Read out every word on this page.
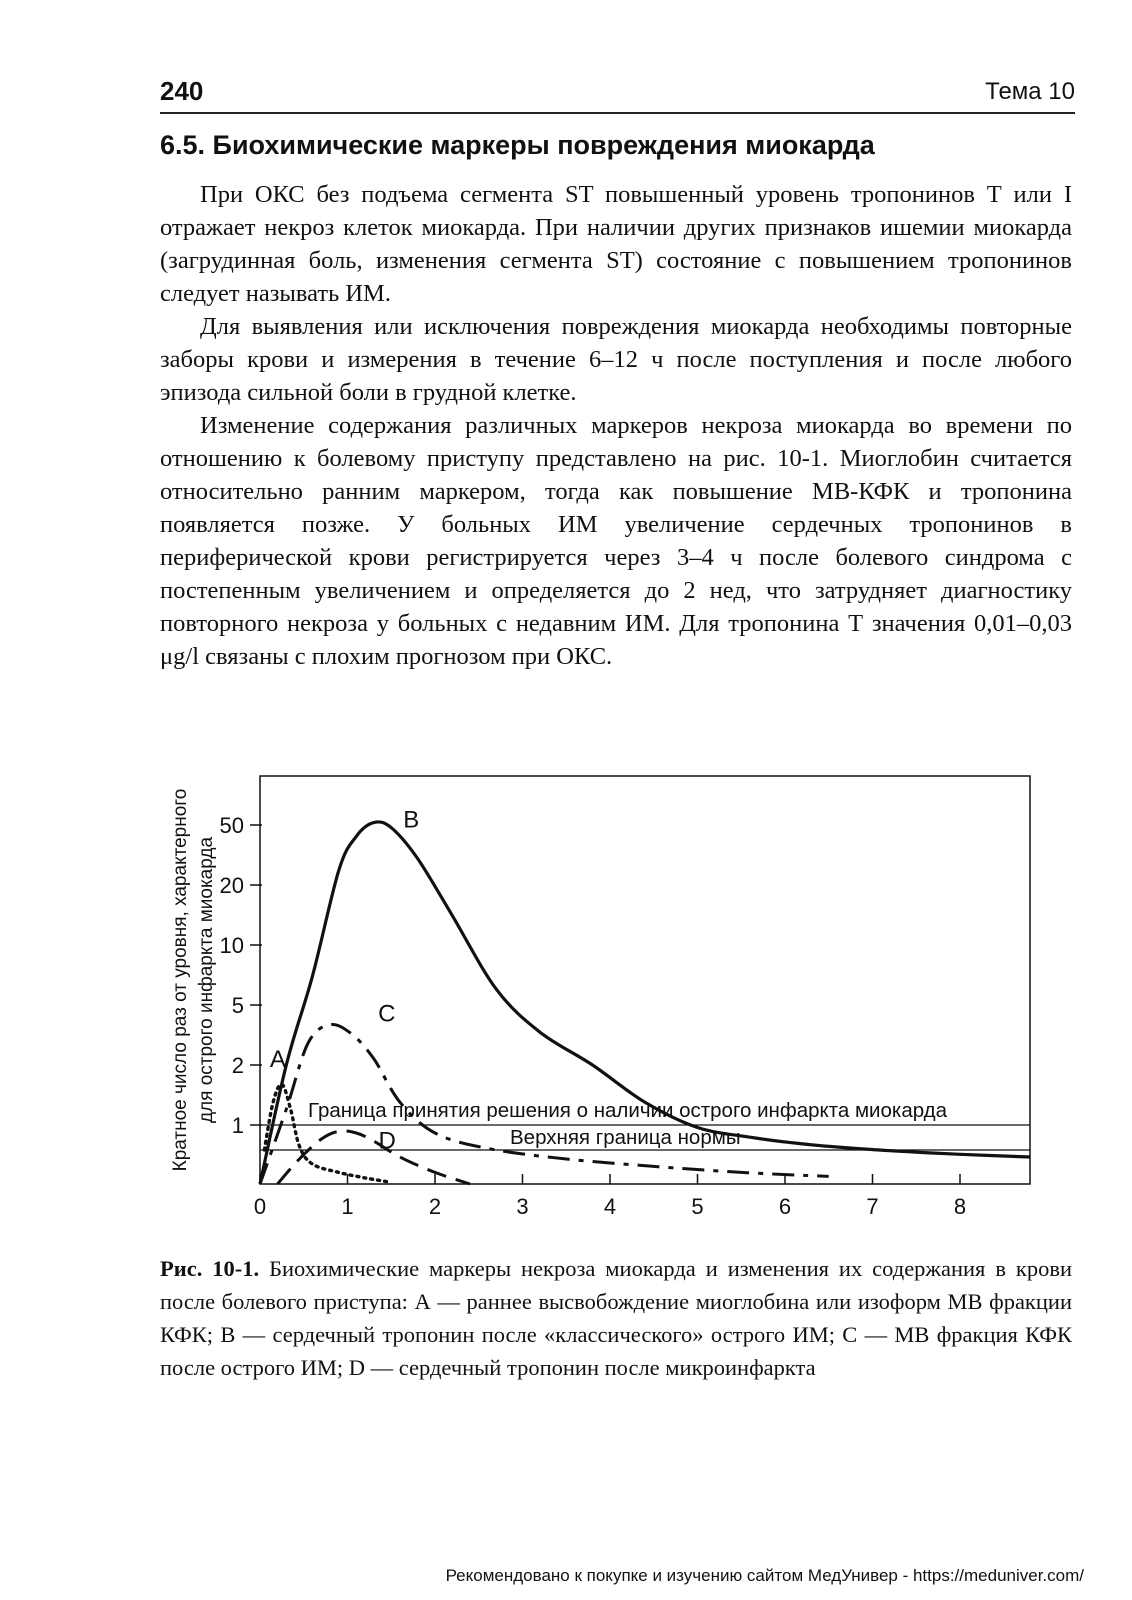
240	Тема 10
6.5. Биохимические маркеры повреждения миокарда

При ОКС без подъема сегмента ST повышенный уровень тропонинов Т или I отражает некроз клеток миокарда. При наличии других признаков ишемии миокарда (загрудинная боль, изменения сегмента ST) состояние с повышением тропонинов следует называть ИМ.

Для выявления или исключения повреждения миокарда необходимы повторные заборы крови и измерения в течение 6–12 ч после поступления и после любого эпизода сильной боли в грудной клетке.

Изменение содержания различных маркеров некроза миокарда во времени по отношению к болевому приступу представлено на рис. 10-1. Миоглобин считается относительно ранним маркером, тогда как повышение МВ-КФК и тропонина появляется позже. У больных ИМ увеличение сердечных тропонинов в периферической крови регистрируется через 3–4 ч после болевого синдрома с постепенным увеличением и определяется до 2 нед, что затрудняет диагностику повторного некроза у больных с недавним ИМ. Для тропонина Т значения 0,01–0,03 μg/l связаны с плохим прогнозом при ОКС.

Кратное число раз от уровня, характерного для острого инфаркта миокарда
0	1	2	3	4	5	6	7	8
1
2
5
10
20
50
Граница принятия решения о наличии острого инфаркта миокарда
Верхняя граница нормы
A
B
C
D
Рис. 10-1. Биохимические маркеры некроза миокарда и изменения их содержания в крови после болевого приступа: А — раннее высвобождение миоглобина или изоформ MB фракции КФК; В — сердечный тропонин после «классического» острого ИМ; С — MB фракция КФК после острого ИМ; D — сердечный тропонин после микроинфаркта
Рекомендовано к покупке и изучению сайтом МедУнивер - https://meduniver.com/
